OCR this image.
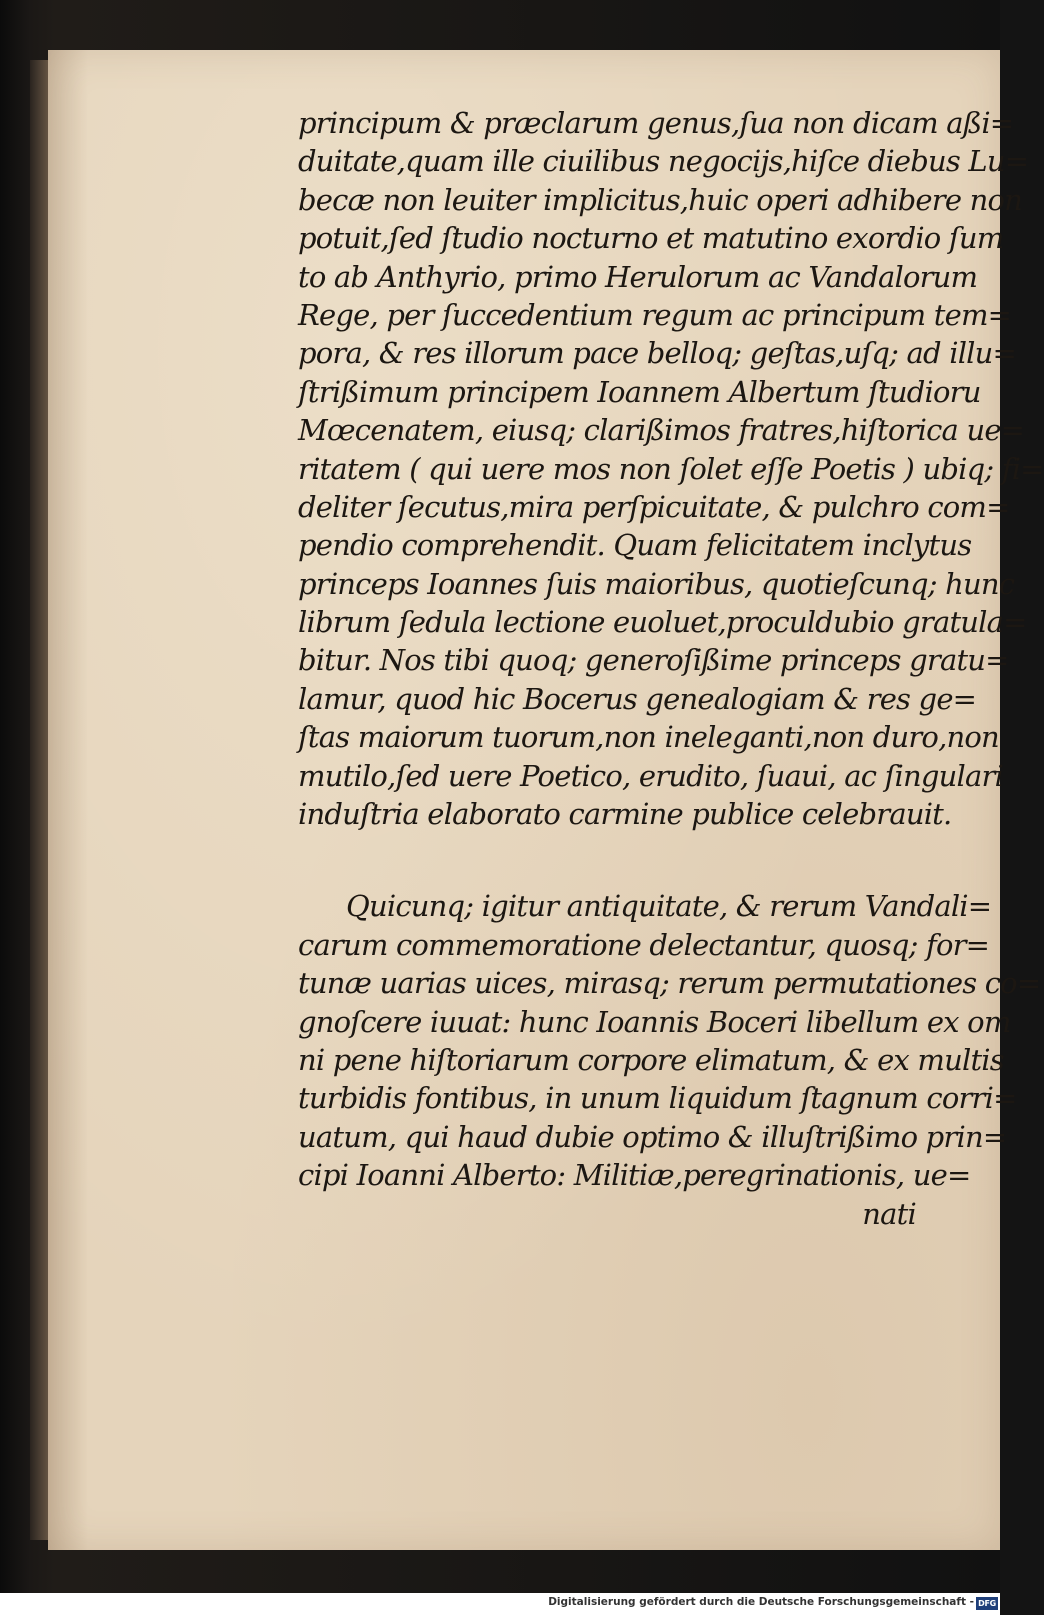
principum & præclarum genus,ſua non dicam aßi=
duitate,quam ille ciuilibus negocijs,hiſce diebus Lu=
becæ non leuiter implicitus,huic operi adhibere non
potuit,ſed ſtudio nocturno et matutino exordio ſum
to ab Anthyrio, primo Herulorum ac Vandalorum
Rege, per ſuccedentium regum ac principum tem=
pora, & res illorum pace belloq; geſtas,uſq; ad illu=
ſtrißimum principem Ioannem Albertum ſtudioru
Mœcenatem, eiusq; clarißimos fratres,hiſtorica ue=
ritatem ( qui uere mos non ſolet eſſe Poetis ) ubiq; fi=
deliter ſecutus,mira perſpicuitate, & pulchro com=
pendio comprehendit. Quam felicitatem inclytus
princeps Ioannes ſuis maioribus, quotieſcunq; hunc
librum ſedula lectione euoluet,proculdubio gratula=
bitur. Nos tibi quoq; generoſißime princeps gratu=
lamur, quod hic Bocerus genealogiam & res ge=
ſtas maiorum tuorum,non ineleganti,non duro,non
mutilo,ſed uere Poetico, erudito, ſuaui, ac ſingulari
induſtria elaborato carmine publice celebrauit.
Quicunq; igitur antiquitate, & rerum Vandali=
carum commemoratione delectantur, quosq; for=
tunæ uarias uices, mirasq; rerum permutationes co=
gnoſcere iuuat: hunc Ioannis Boceri libellum ex om
ni pene hiſtoriarum corpore elimatum, & ex multis
turbidis fontibus, in unum liquidum ſtagnum corri=
uatum, qui haud dubie optimo & illuſtrißimo prin=
cipi Ioanni Alberto: Militiæ,peregrinationis, ue=
nati
Digitalisierung gefördert durch die Deutsche Forschungsgemeinschaft - DFG
